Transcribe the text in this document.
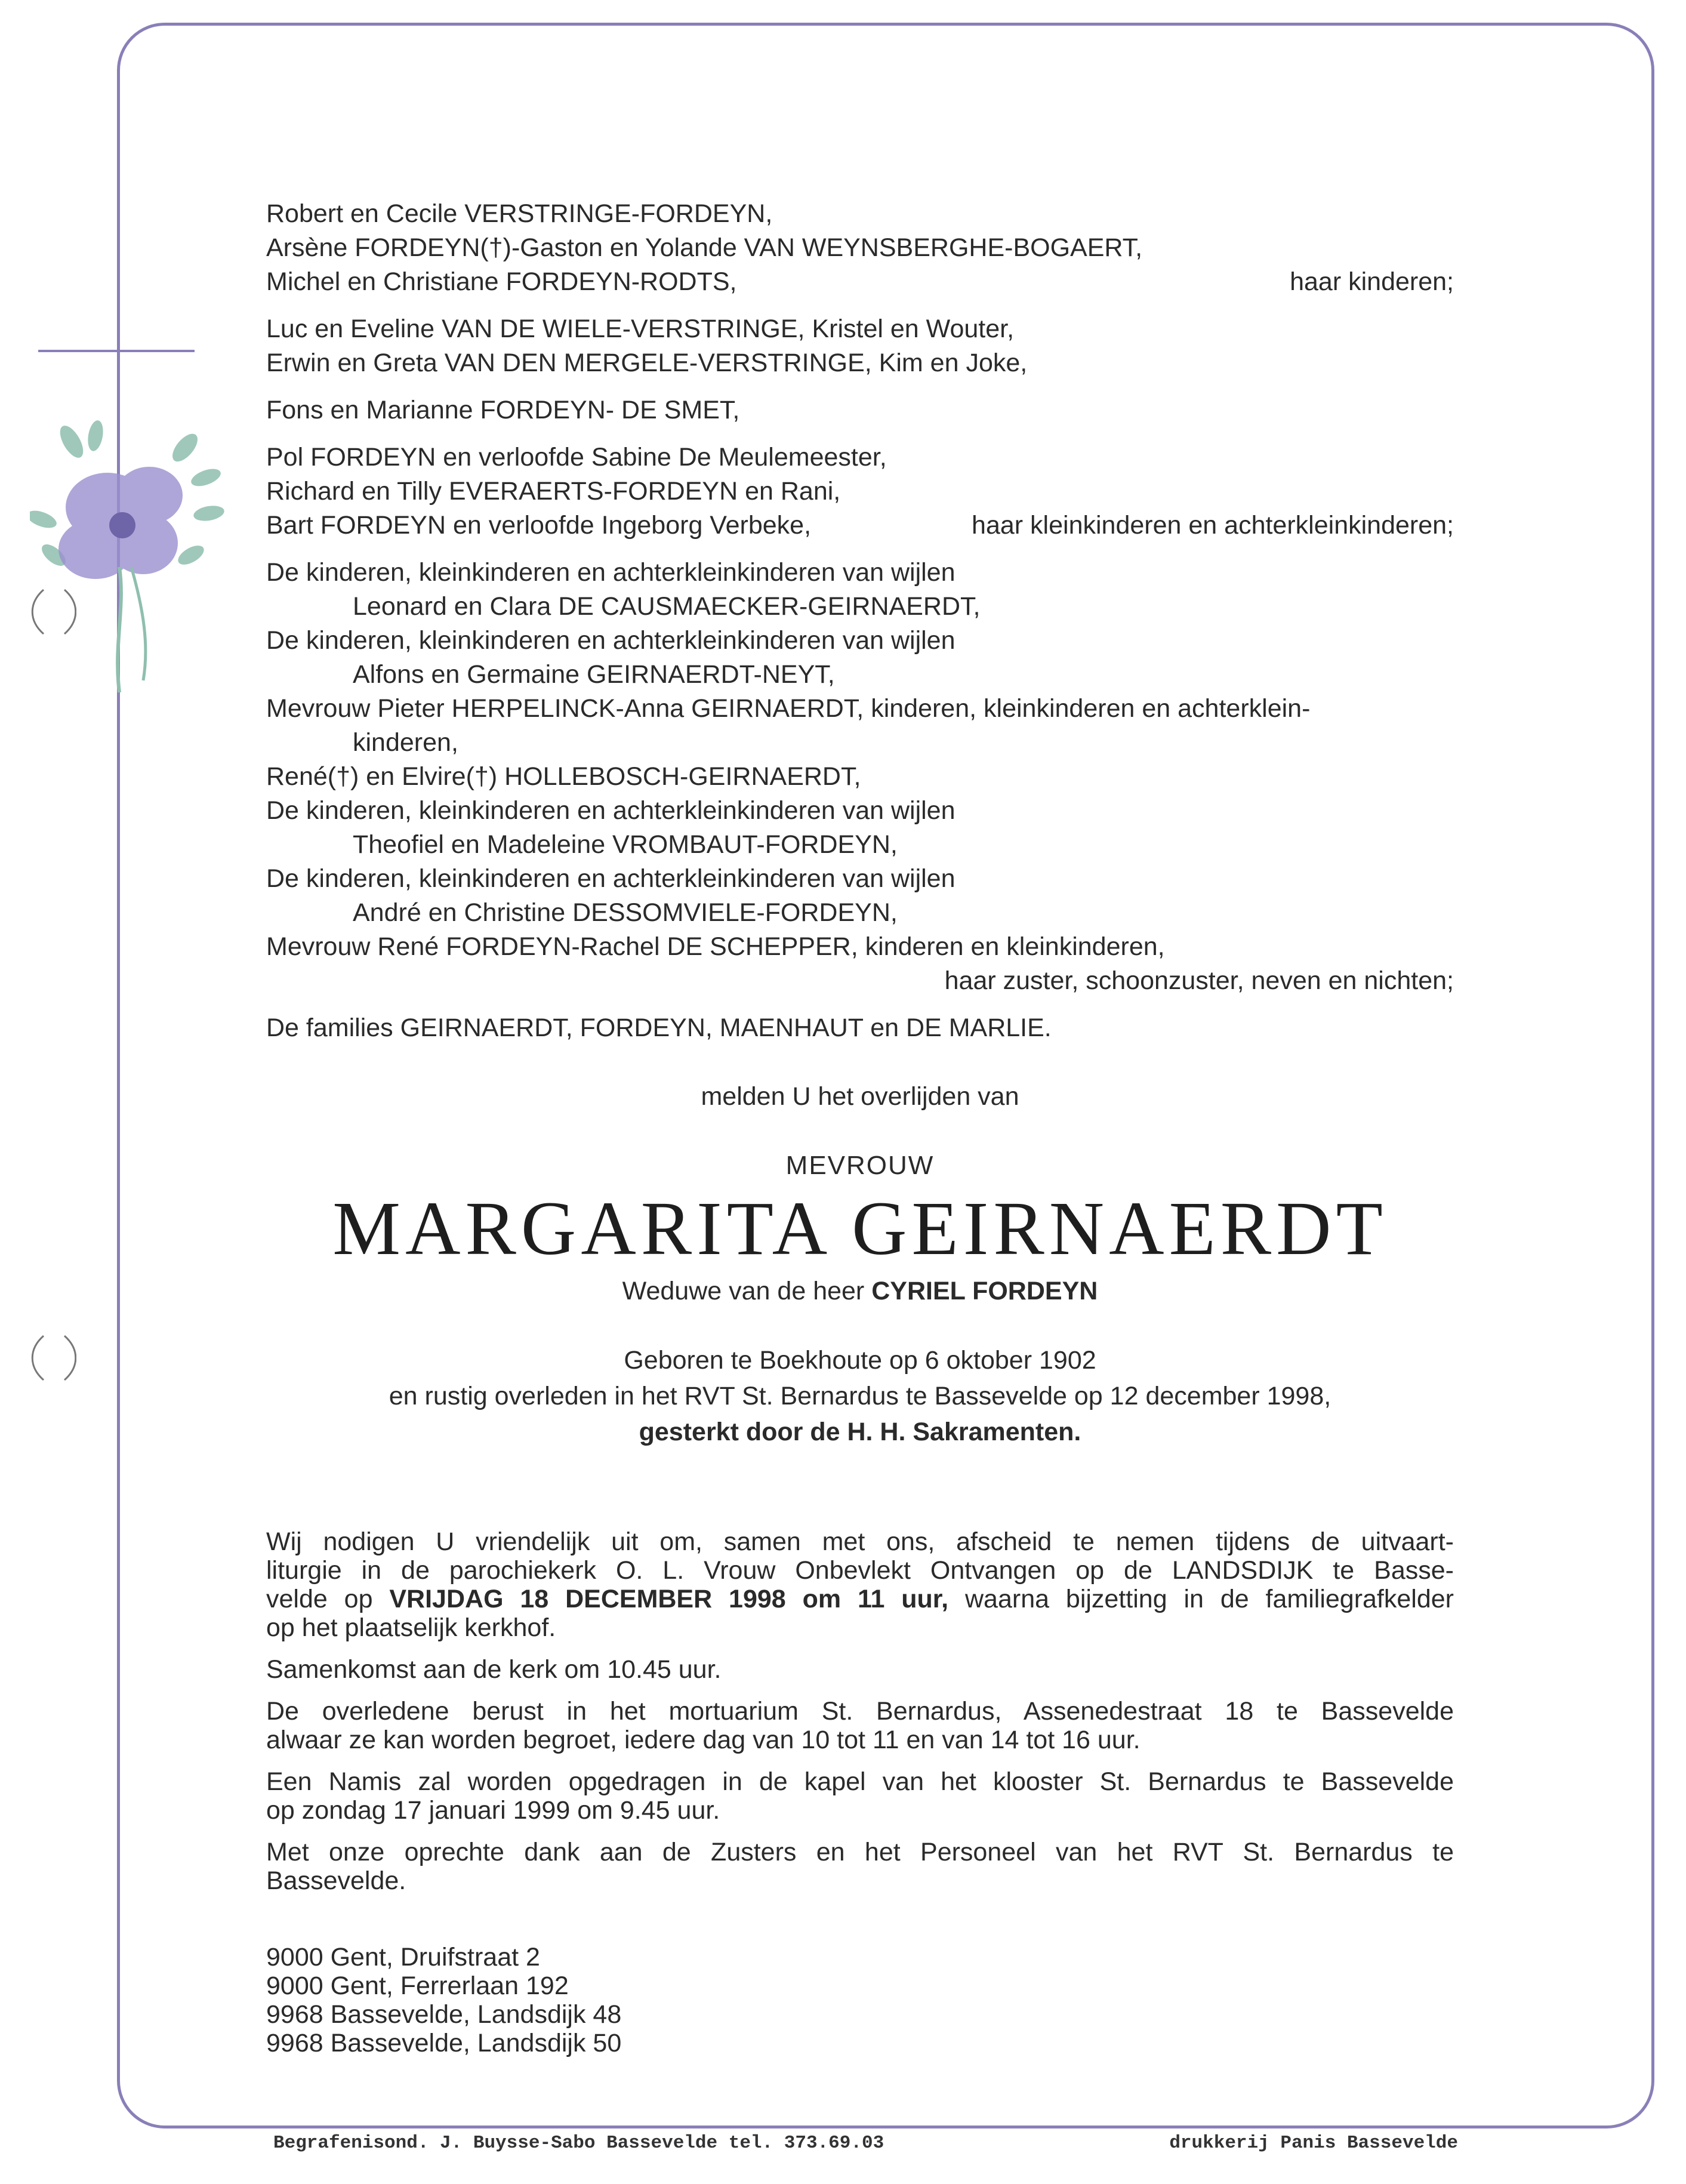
Robert en Cecile VERSTRINGE-FORDEYN,
Arsène FORDEYN(†)-Gaston en Yolande VAN WEYNSBERGHE-BOGAERT,
Michel en Christiane FORDEYN-RODTS,	haar kinderen;
Luc en Eveline VAN DE WIELE-VERSTRINGE, Kristel en Wouter,
Erwin en Greta VAN DEN MERGELE-VERSTRINGE, Kim en Joke,
Fons en Marianne FORDEYN- DE SMET,
Pol FORDEYN en verloofde Sabine De Meulemeester,
Richard en Tilly EVERAERTS-FORDEYN en Rani,
Bart FORDEYN en verloofde Ingeborg Verbeke,	haar kleinkinderen en achterkleinkinderen;
De kinderen, kleinkinderen en achterkleinkinderen van wijlen
Leonard en Clara DE CAUSMAECKER-GEIRNAERDT,
De kinderen, kleinkinderen en achterkleinkinderen van wijlen
Alfons en Germaine GEIRNAERDT-NEYT,
Mevrouw Pieter HERPELINCK-Anna GEIRNAERDT, kinderen, kleinkinderen en achterklein-
kinderen,
René(†) en Elvire(†) HOLLEBOSCH-GEIRNAERDT,
De kinderen, kleinkinderen en achterkleinkinderen van wijlen
Theofiel en Madeleine VROMBAUT-FORDEYN,
De kinderen, kleinkinderen en achterkleinkinderen van wijlen
André en Christine DESSOMVIELE-FORDEYN,
Mevrouw René FORDEYN-Rachel DE SCHEPPER, kinderen en kleinkinderen,
haar zuster, schoonzuster, neven en nichten;
De families GEIRNAERDT, FORDEYN, MAENHAUT en DE MARLIE.
melden U het overlijden van
MEVROUW
MARGARITA GEIRNAERDT
Weduwe van de heer CYRIEL FORDEYN
Geboren te Boekhoute op 6 oktober 1902
en rustig overleden in het RVT St. Bernardus te Bassevelde op 12 december 1998,
gesterkt door de H. H. Sakramenten.
Wij nodigen U vriendelijk uit om, samen met ons, afscheid te nemen tijdens de uitvaart-
liturgie in de parochiekerk O. L. Vrouw Onbevlekt Ontvangen op de LANDSDIJK te Basse-
velde op VRIJDAG 18 DECEMBER 1998 om 11 uur, waarna bijzetting in de familiegrafkelder
op het plaatselijk kerkhof.
Samenkomst aan de kerk om 10.45 uur.
De overledene berust in het mortuarium St. Bernardus, Assenedestraat 18 te Bassevelde
alwaar ze kan worden begroet, iedere dag van 10 tot 11 en van 14 tot 16 uur.
Een Namis zal worden opgedragen in de kapel van het klooster St. Bernardus te Bassevelde
op zondag 17 januari 1999 om 9.45 uur.
Met onze oprechte dank aan de Zusters en het Personeel van het RVT St. Bernardus te
Bassevelde.
9000 Gent, Druifstraat 2
9000 Gent, Ferrerlaan 192
9968 Bassevelde, Landsdijk 48
9968 Bassevelde, Landsdijk 50
Begrafenisond. J. Buysse-Sabo Bassevelde tel. 373.69.03	drukkerij Panis Bassevelde
